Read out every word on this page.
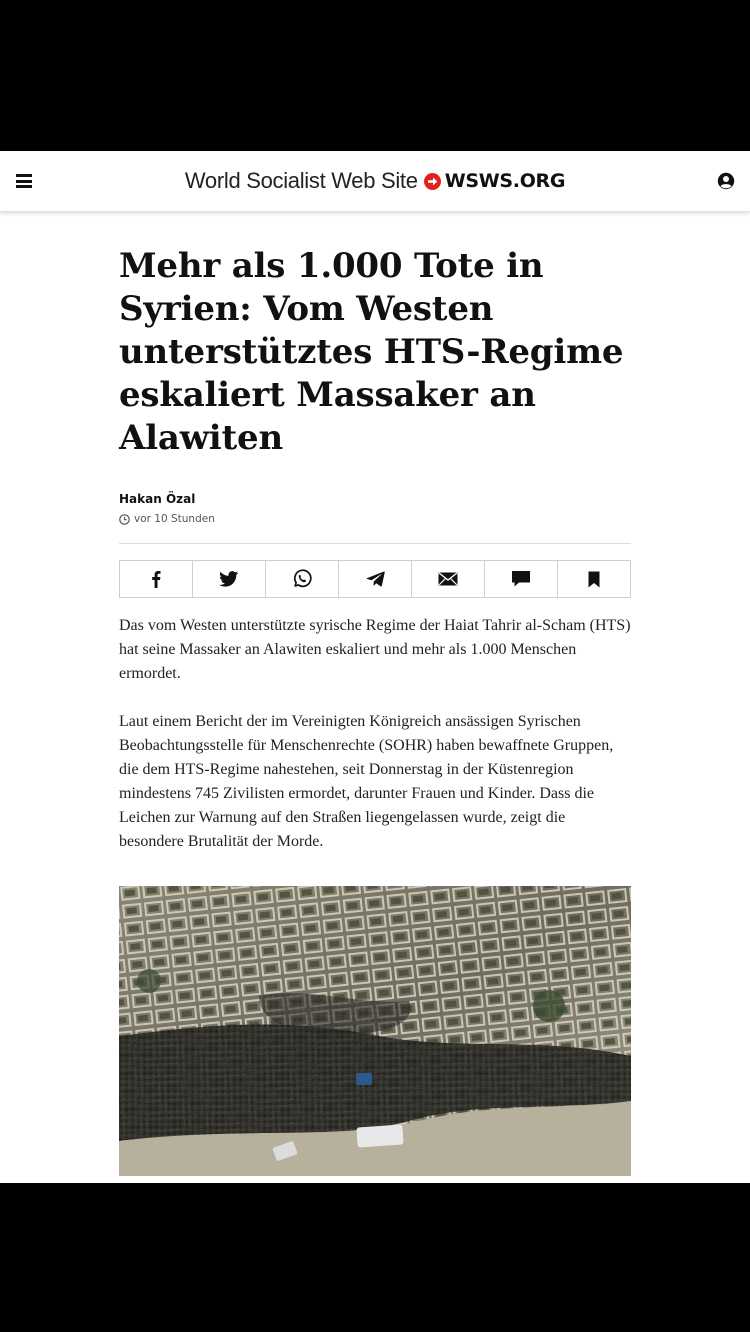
World Socialist Web Site WSWS.ORG
Mehr als 1.000 Tote in Syrien: Vom Westen unterstütztes HTS-Regime eskaliert Massaker an Alawiten
Hakan Özal
vor 10 Stunden

Das vom Westen unterstützte syrische Regime der Haiat Tahrir al-Scham (HTS) hat seine Massaker an Alawiten eskaliert und mehr als 1.000 Menschen ermordet.

Laut einem Bericht der im Vereinigten Königreich ansässigen Syrischen Beobachtungsstelle für Menschenrechte (SOHR) haben bewaffnete Gruppen, die dem HTS-Regime nahestehen, seit Donnerstag in der Küstenregion mindestens 745 Zivilisten ermordet, darunter Frauen und Kinder. Dass die Leichen zur Warnung auf den Straßen liegengelassen wurde, zeigt die besondere Brutalität der Morde.
